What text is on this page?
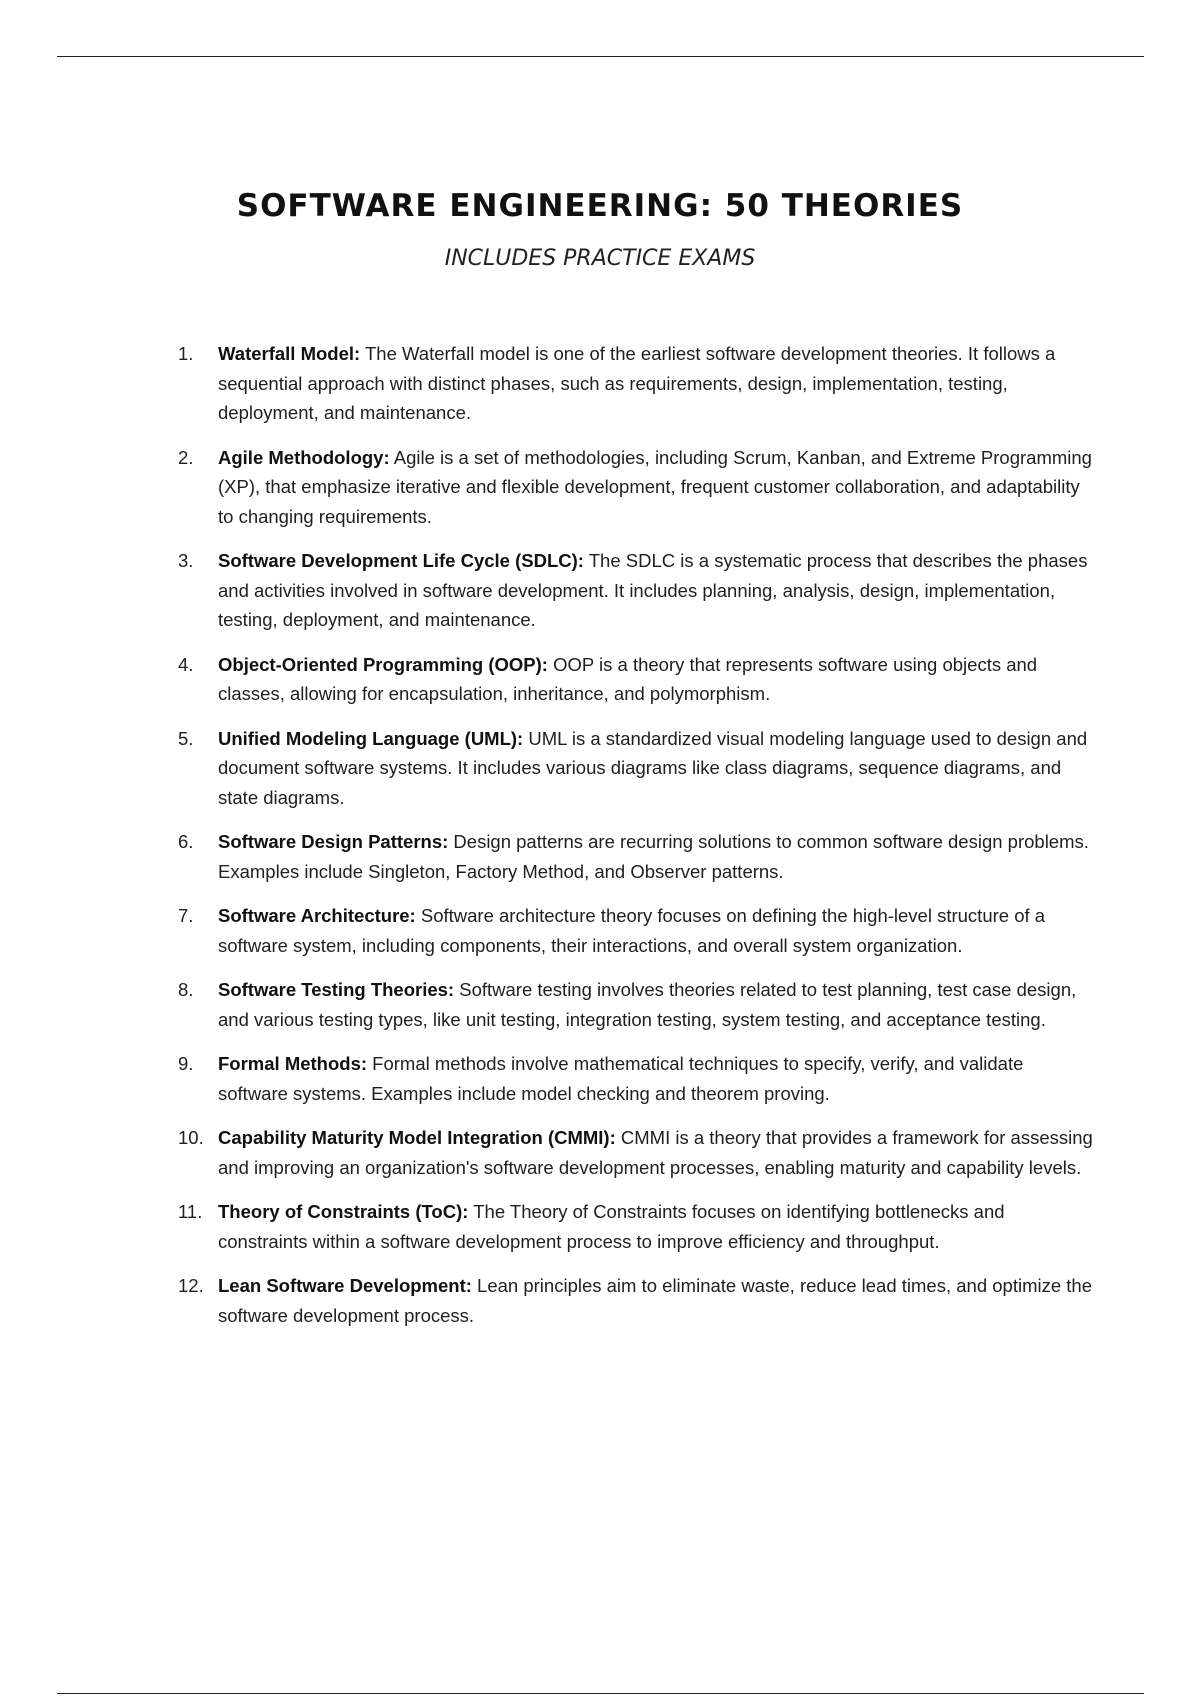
SOFTWARE ENGINEERING: 50 THEORIES

INCLUDES PRACTICE EXAMS

1.	Waterfall Model: The Waterfall model is one of the earliest software development theories. It follows a sequential approach with distinct phases, such as requirements, design, implementation, testing, deployment, and maintenance.
2.	Agile Methodology: Agile is a set of methodologies, including Scrum, Kanban, and Extreme Programming (XP), that emphasize iterative and flexible development, frequent customer collaboration, and adaptability to changing requirements.
3.	Software Development Life Cycle (SDLC): The SDLC is a systematic process that describes the phases and activities involved in software development. It includes planning, analysis, design, implementation, testing, deployment, and maintenance.
4.	Object-Oriented Programming (OOP): OOP is a theory that represents software using objects and classes, allowing for encapsulation, inheritance, and polymorphism.
5.	Unified Modeling Language (UML): UML is a standardized visual modeling language used to design and document software systems. It includes various diagrams like class diagrams, sequence diagrams, and state diagrams.
6.	Software Design Patterns: Design patterns are recurring solutions to common software design problems. Examples include Singleton, Factory Method, and Observer patterns.
7.	Software Architecture: Software architecture theory focuses on defining the high-level structure of a software system, including components, their interactions, and overall system organization.
8.	Software Testing Theories: Software testing involves theories related to test planning, test case design, and various testing types, like unit testing, integration testing, system testing, and acceptance testing.
9.	Formal Methods: Formal methods involve mathematical techniques to specify, verify, and validate software systems. Examples include model checking and theorem proving.
10. Capability Maturity Model Integration (CMMI): CMMI is a theory that provides a framework for assessing and improving an organization's software development processes, enabling maturity and capability levels.
11. Theory of Constraints (ToC): The Theory of Constraints focuses on identifying bottlenecks and constraints within a software development process to improve efficiency and throughput.
12. Lean Software Development: Lean principles aim to eliminate waste, reduce lead times, and optimize the software development process.
